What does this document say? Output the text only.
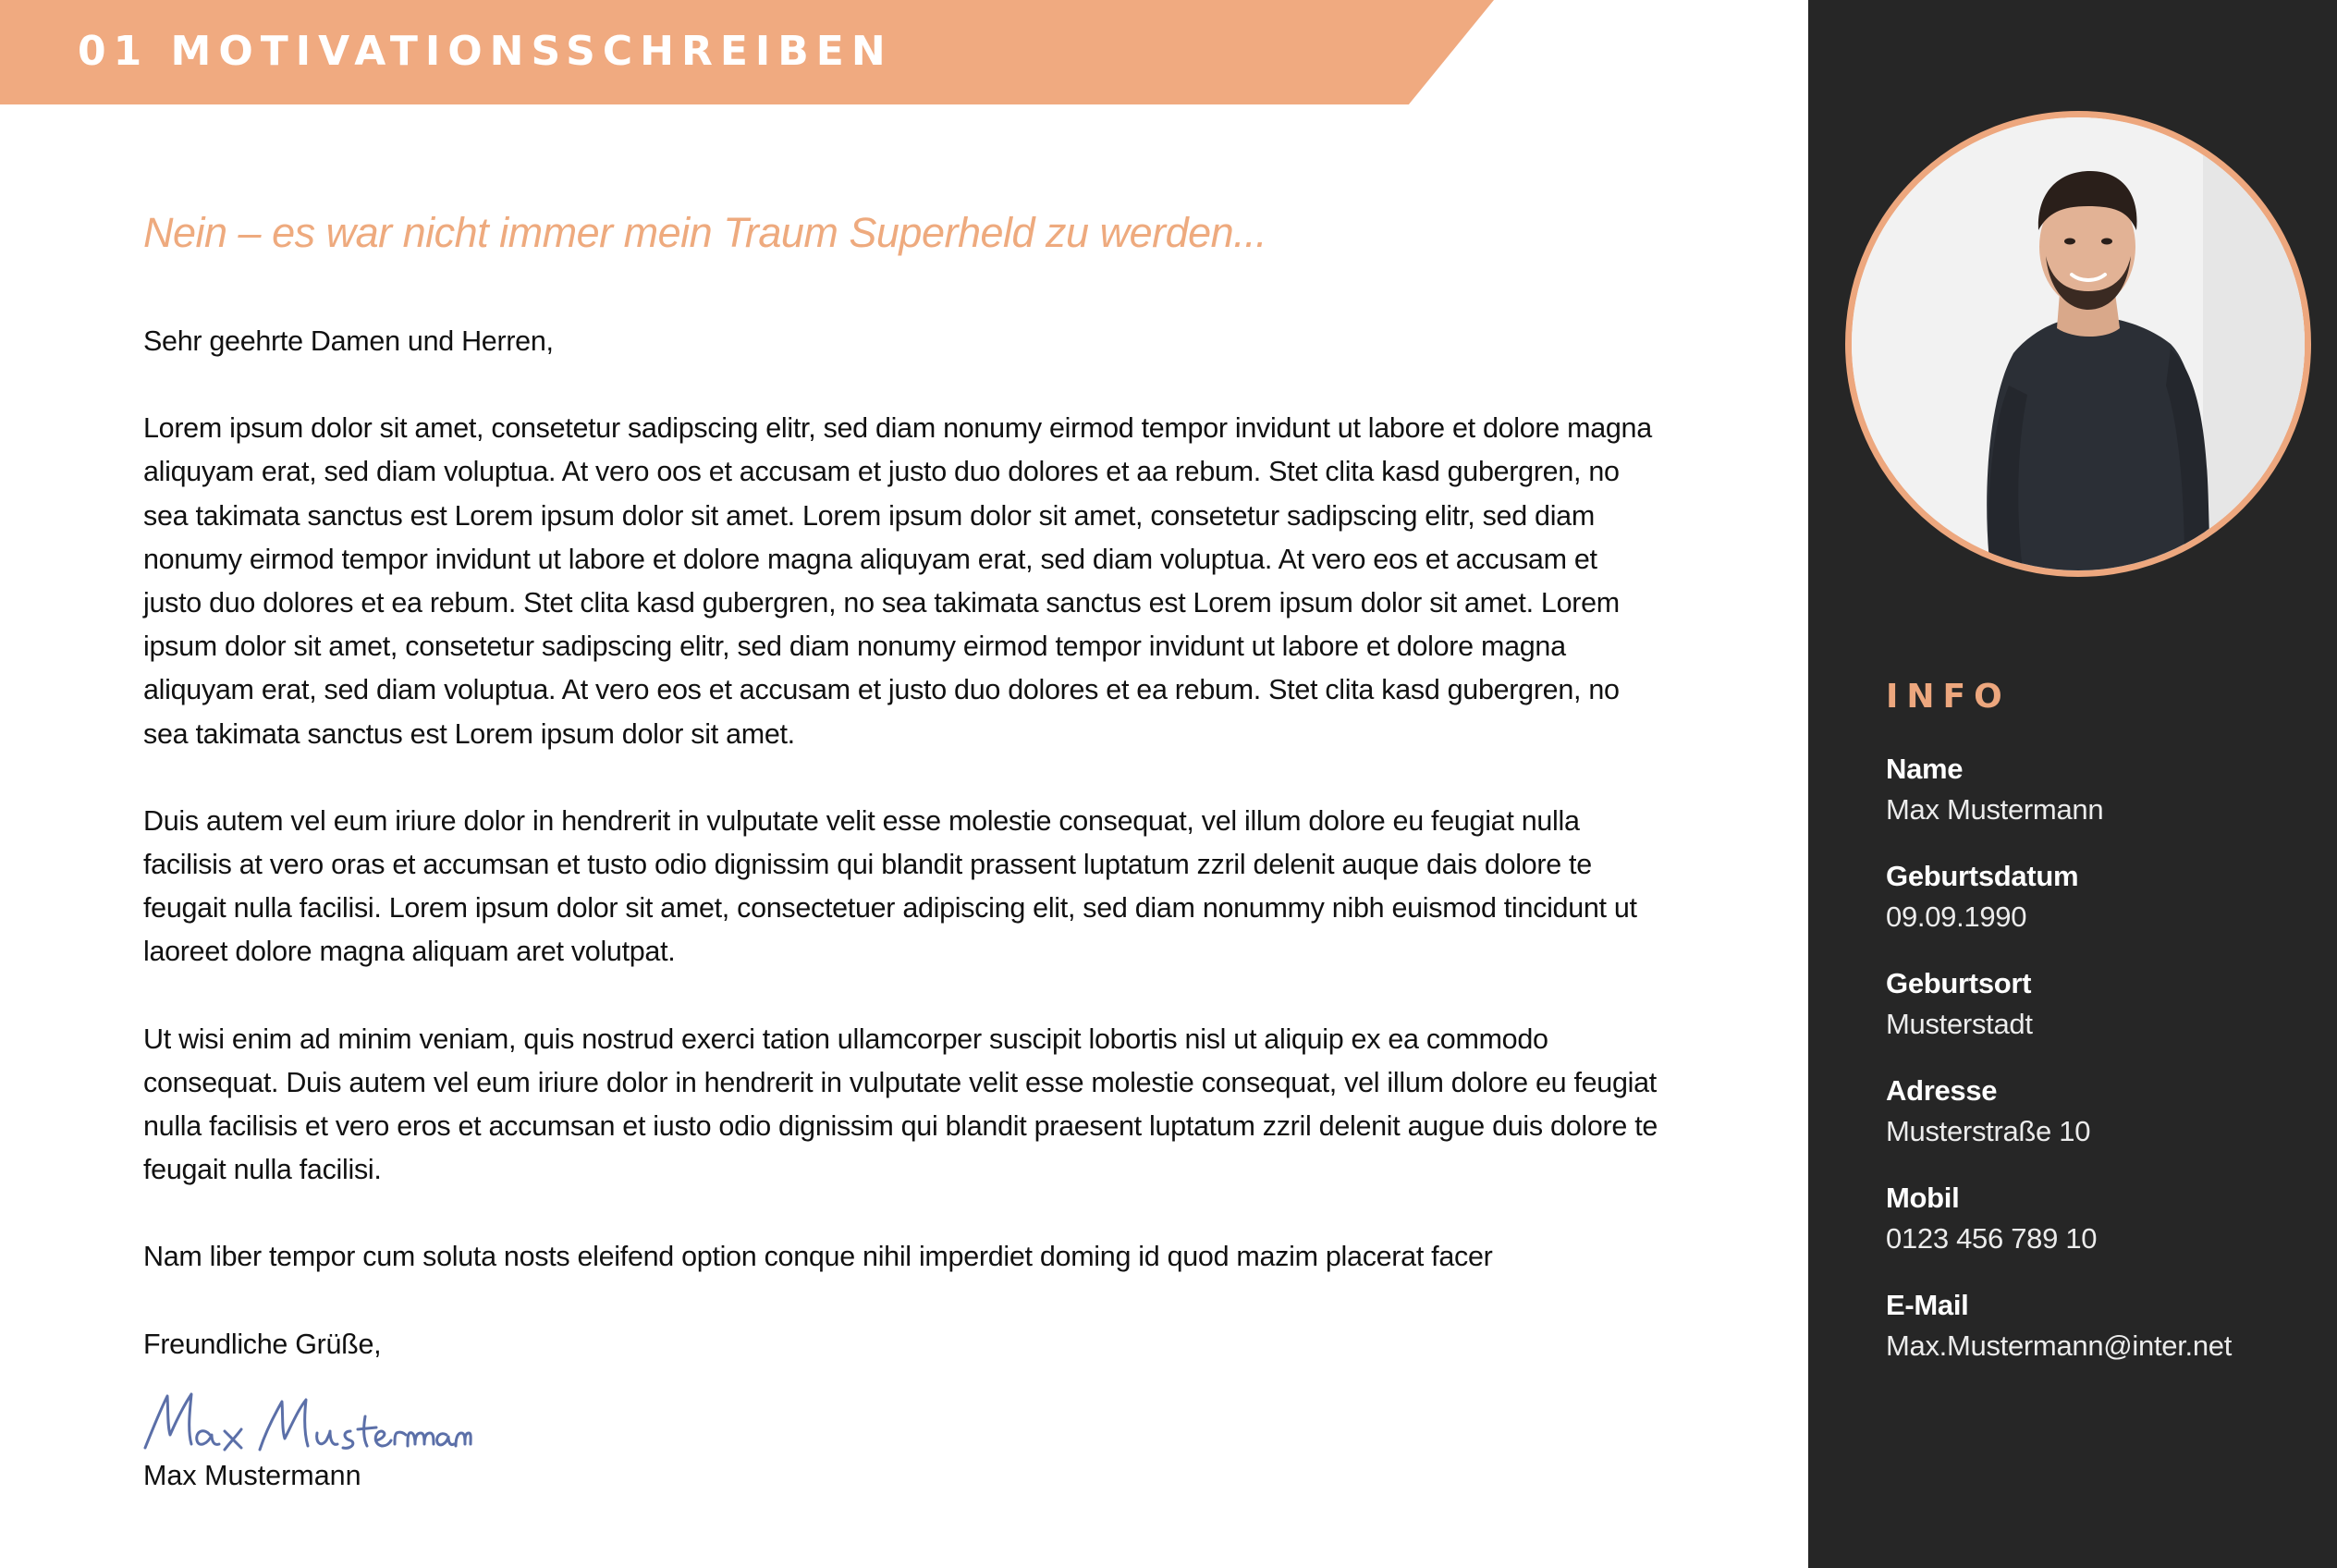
01 MOTIVATIONSSCHREIBEN

Nein – es war nicht immer mein Traum Superheld zu werden...

Sehr geehrte Damen und Herren,

Lorem ipsum dolor sit amet, consetetur sadipscing elitr, sed diam nonumy eirmod tempor invidunt ut labore et dolore magna aliquyam erat, sed diam voluptua. At vero oos et accusam et justo duo dolores et aa rebum. Stet clita kasd gubergren, no sea takimata sanctus est Lorem ipsum dolor sit amet. Lorem ipsum dolor sit amet, consetetur sadipscing elitr, sed diam nonumy eirmod tempor invidunt ut labore et dolore magna aliquyam erat, sed diam voluptua. At vero eos et accusam et justo duo dolores et ea rebum. Stet clita kasd gubergren, no sea takimata sanctus est Lorem ipsum dolor sit amet. Lorem ipsum dolor sit amet, consetetur sadipscing elitr, sed diam nonumy eirmod tempor invidunt ut labore et dolore magna aliquyam erat, sed diam voluptua. At vero eos et accusam et justo duo dolores et ea rebum. Stet clita kasd gubergren, no sea takimata sanctus est Lorem ipsum dolor sit amet.

Duis autem vel eum iriure dolor in hendrerit in vulputate velit esse molestie consequat, vel illum dolore eu feugiat nulla facilisis at vero oras et accumsan et tusto odio dignissim qui blandit prassent luptatum zzril delenit auque dais dolore te feugait nulla facilisi. Lorem ipsum dolor sit amet, consectetuer adipiscing elit, sed diam nonummy nibh euismod tincidunt ut laoreet dolore magna aliquam aret volutpat.

Ut wisi enim ad minim veniam, quis nostrud exerci tation ullamcorper suscipit lobortis nisl ut aliquip ex ea commodo consequat. Duis autem vel eum iriure dolor in hendrerit in vulputate velit esse molestie consequat, vel illum dolore eu feugiat nulla facilisis et vero eros et accumsan et iusto odio dignissim qui blandit praesent luptatum zzril delenit augue duis dolore te feugait nulla facilisi.

Nam liber tempor cum soluta nosts eleifend option conque nihil imperdiet doming id quod mazim placerat facer

Freundliche Grüße,

Max Mustermann

INFO
Name
Max Mustermann
Geburtsdatum
09.09.1990
Geburtsort
Musterstadt
Adresse
Musterstraße 10
Mobil
0123 456 789 10
E-Mail
Max.Mustermann@inter.net
